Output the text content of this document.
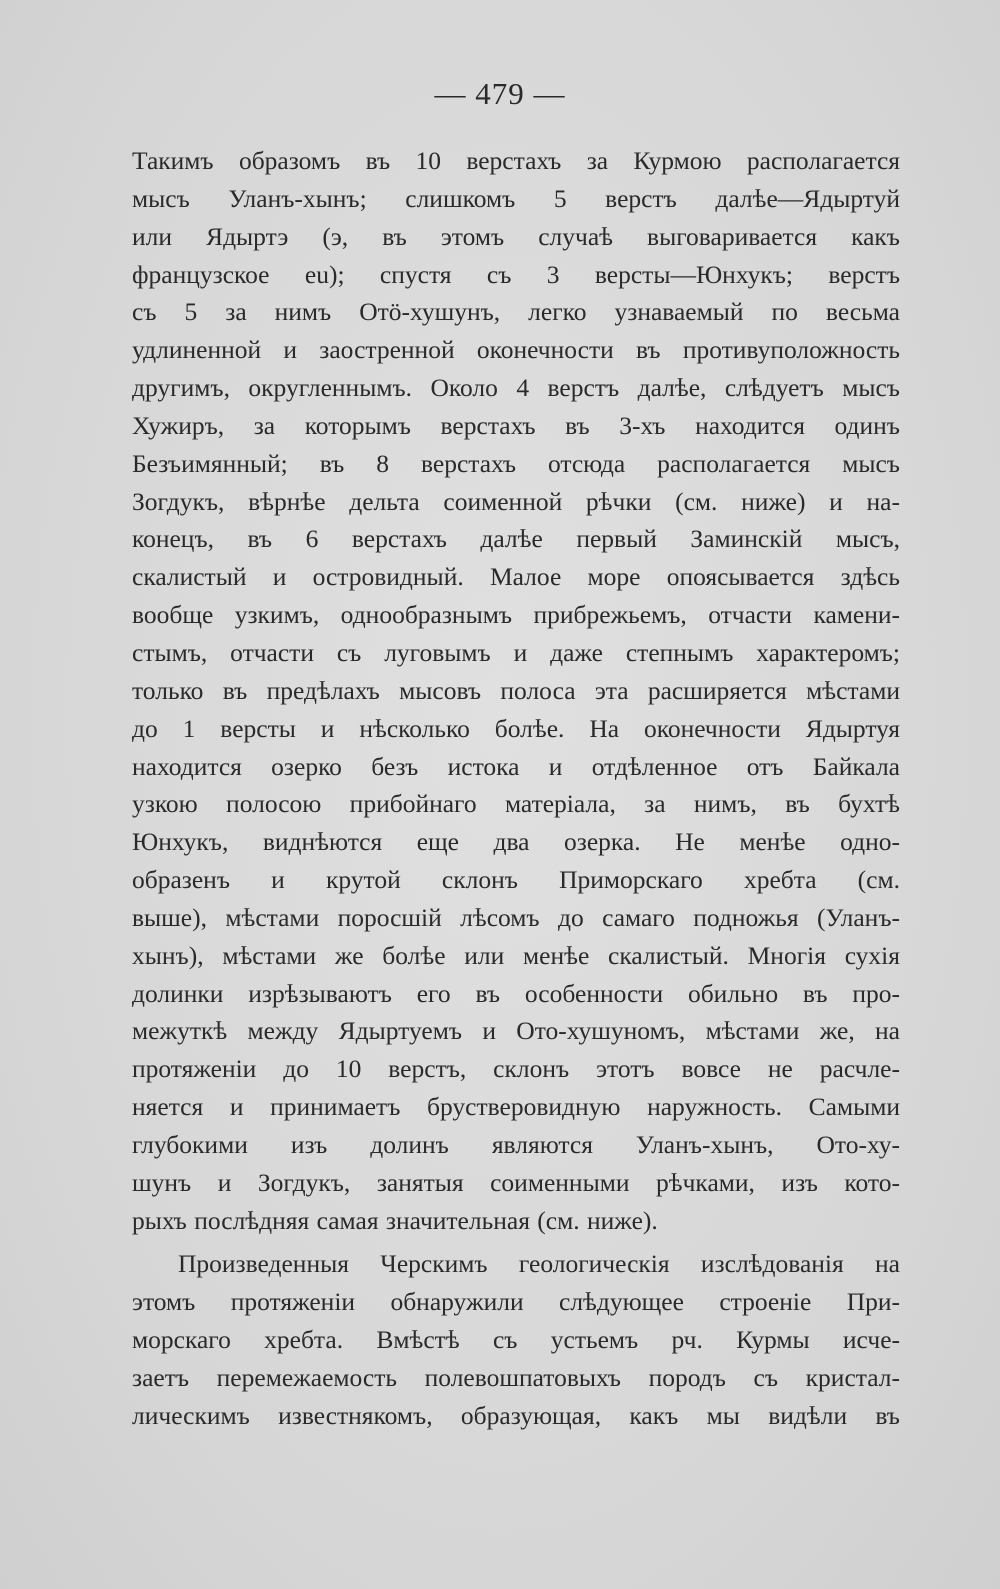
— 479 —
Такимъ образомъ въ 10 верстахъ за Курмою располагается
мысъ Уланъ-хынъ; слишкомъ 5 верстъ далѣе—Ядыртуй
или Ядыртэ (э, въ этомъ случаѣ выговаривается какъ
французское eu); спустя съ 3 версты—Юнхукъ; верстъ
съ 5 за нимъ Отö-хушунъ, легко узнаваемый по весьма
удлиненной и заостренной оконечности въ противуположность
другимъ, округленнымъ. Около 4 верстъ далѣе, слѣдуетъ мысъ
Хужиръ, за которымъ верстахъ въ 3-хъ находится одинъ
Безъимянный; въ 8 верстахъ отсюда располагается мысъ
Зогдукъ, вѣрнѣе дельта соименной рѣчки (см. ниже) и на-
конецъ, въ 6 верстахъ далѣе первый Заминскiй мысъ,
скалистый и островидный. Малое море опоясывается здѣсь
вообще узкимъ, однообразнымъ прибрежьемъ, отчасти камени-
стымъ, отчасти съ луговымъ и даже степнымъ характеромъ;
только въ предѣлахъ мысовъ полоса эта расширяется мѣстами
до 1 версты и нѣсколько болѣе. На оконечности Ядыртуя
находится озерко безъ истока и отдѣленное отъ Байкала
узкою полосою прибойнаго матерiала, за нимъ, въ бухтѣ
Юнхукъ, виднѣются еще два озерка. Не менѣе одно-
образенъ и крутой склонъ Приморскаго хребта (см.
выше), мѣстами поросшiй лѣсомъ до самаго подножья (Уланъ-
хынъ), мѣстами же болѣе или менѣе скалистый. Многiя сухiя
долинки изрѣзываютъ его въ особенности обильно въ про-
межуткѣ между Ядыртуемъ и Ото-хушуномъ, мѣстами же, на
протяженiи до 10 верстъ, склонъ этотъ вовсе не расчле-
няется и принимаетъ брустверовидную наружность. Самыми
глубокими изъ долинъ являются Уланъ-хынъ, Ото-ху-
шунъ и Зогдукъ, занятыя соименными рѣчками, изъ кото-
рыхъ послѣдняя самая значительная (см. ниже).
Произведенныя Черскимъ геологическiя изслѣдованiя на
этомъ протяженiи обнаружили слѣдующее строенiе При-
морскаго хребта. Вмѣстѣ съ устьемъ рч. Курмы исче-
заетъ перемежаемость полевошпатовыхъ породъ съ кристал-
лическимъ известнякомъ, образующая, какъ мы видѣли въ
